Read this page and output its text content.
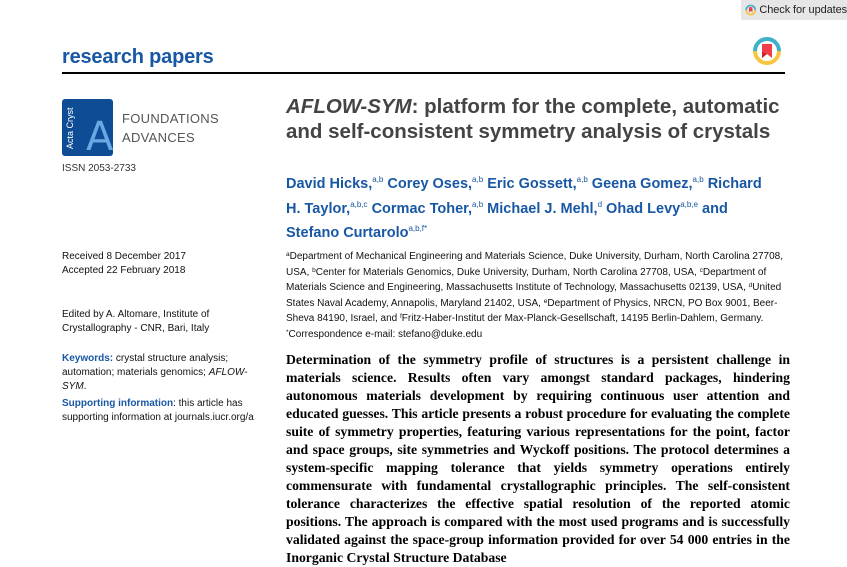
Check for updates
research papers
Acta Cryst A FOUNDATIONS
ADVANCES
ISSN 2053-2733
AFLOW-SYM: platform for the complete, automatic and self-consistent symmetry analysis of crystals
David Hicks,$^{a,b}$ Corey Oses,$^{a,b}$ Eric Gossett,$^{a,b}$ Geena Gomez,$^{a,b}$ Richard H. Taylor,$^{a,b,c}$ Cormac Toher,$^{a,b}$ Michael J. Mehl,$^d$ Ohad Levy$^{a,b,e}$ and Stefano Curtarolo$^{a,b,f*}$
$^a$Department of Mechanical Engineering and Materials Science, Duke University, Durham, North Carolina 27708, USA, $^b$Center for Materials Genomics, Duke University, Durham, North Carolina 27708, USA, $^c$Department of Materials Science and Engineering, Massachusetts Institute of Technology, Massachusetts 02139, USA, $^d$United States Naval Academy, Annapolis, Maryland 21402, USA, $^e$Department of Physics, NRCN, PO Box 9001, Beer-Sheva 84190, Israel, and $^f$Fritz-Haber-Institut der Max-Planck-Gesellschaft, 14195 Berlin-Dahlem, Germany. *Correspondence e-mail: stefano@duke.edu
Received 8 December 2017
Accepted 22 February 2018
Edited by A. Altomare, Institute of Crystallography - CNR, Bari, Italy
Keywords: crystal structure analysis; automation; materials genomics; AFLOW-SYM.
Supporting information: this article has supporting information at journals.iucr.org/a
Determination of the symmetry profile of structures is a persistent challenge in materials science. Results often vary amongst standard packages, hindering autonomous materials development by requiring continuous user attention and educated guesses. This article presents a robust procedure for evaluating the complete suite of symmetry properties, featuring various representations for the point, factor and space groups, site symmetries and Wyckoff positions. The protocol determines a system-specific mapping tolerance that yields symmetry operations entirely commensurate with fundamental crystallographic principles. The self-consistent tolerance characterizes the effective spatial resolution of the reported atomic positions. The approach is compared with the most used programs and is successfully validated against the space-group information provided for over 54 000 entries in the Inorganic Crystal Structure Database
